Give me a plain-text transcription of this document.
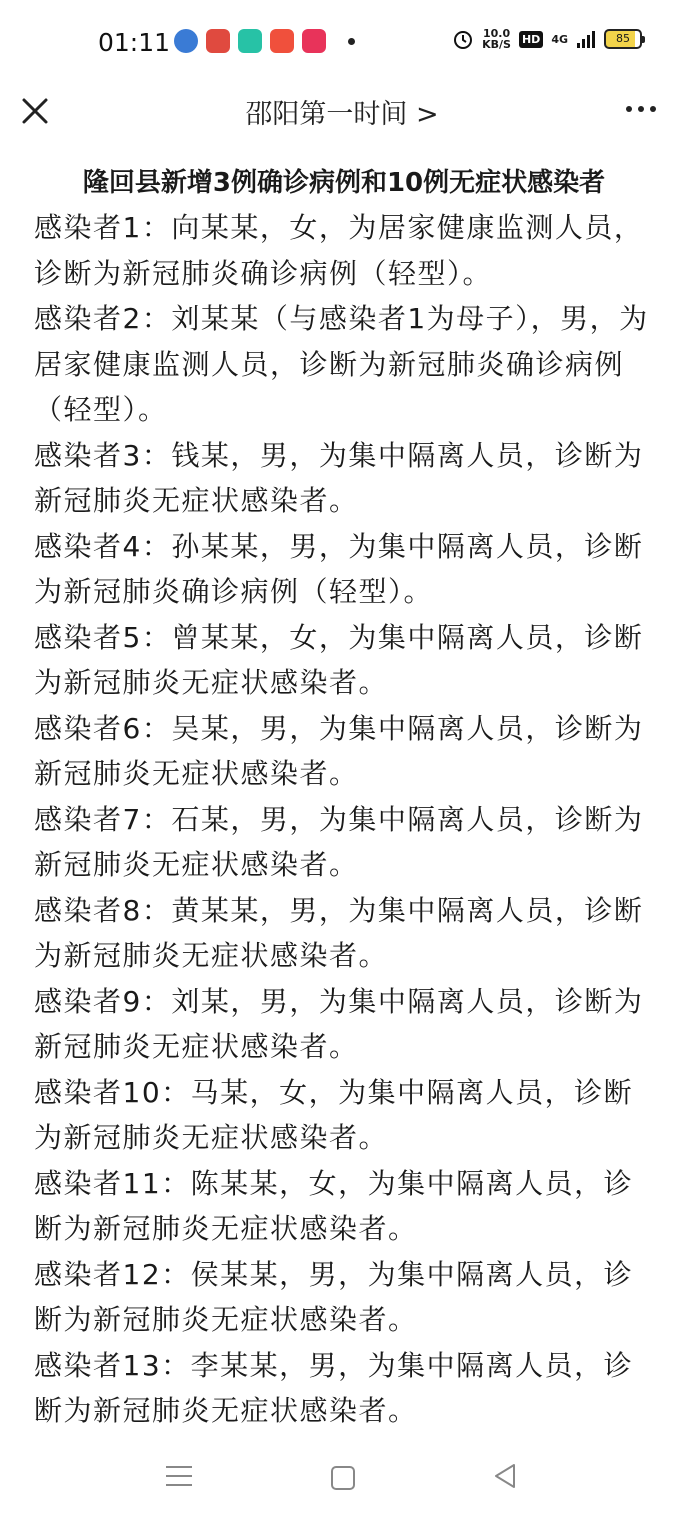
01:11	10.0
KB/S HD 4G	85
邵阳第一时间 >
隆回县新增3例确诊病例和10例无症状感染者

感染者1：向某某，女，为居家健康监测人员，诊断为新冠肺炎确诊病例（轻型）。

感染者2：刘某某（与感染者1为母子），男，为居家健康监测人员，诊断为新冠肺炎确诊病例（轻型）。

感染者3：钱某，男，为集中隔离人员，诊断为新冠肺炎无症状感染者。

感染者4：孙某某，男，为集中隔离人员，诊断为新冠肺炎确诊病例（轻型）。

感染者5：曾某某，女，为集中隔离人员，诊断为新冠肺炎无症状感染者。

感染者6：吴某，男，为集中隔离人员，诊断为新冠肺炎无症状感染者。

感染者7：石某，男，为集中隔离人员，诊断为新冠肺炎无症状感染者。

感染者8：黄某某，男，为集中隔离人员，诊断为新冠肺炎无症状感染者。

感染者9：刘某，男，为集中隔离人员，诊断为新冠肺炎无症状感染者。

感染者10：马某，女，为集中隔离人员，诊断为新冠肺炎无症状感染者。

感染者11：陈某某，女，为集中隔离人员，诊断为新冠肺炎无症状感染者。

感染者12：侯某某，男，为集中隔离人员，诊断为新冠肺炎无症状感染者。

感染者13：李某某，男，为集中隔离人员，诊断为新冠肺炎无症状感染者。
